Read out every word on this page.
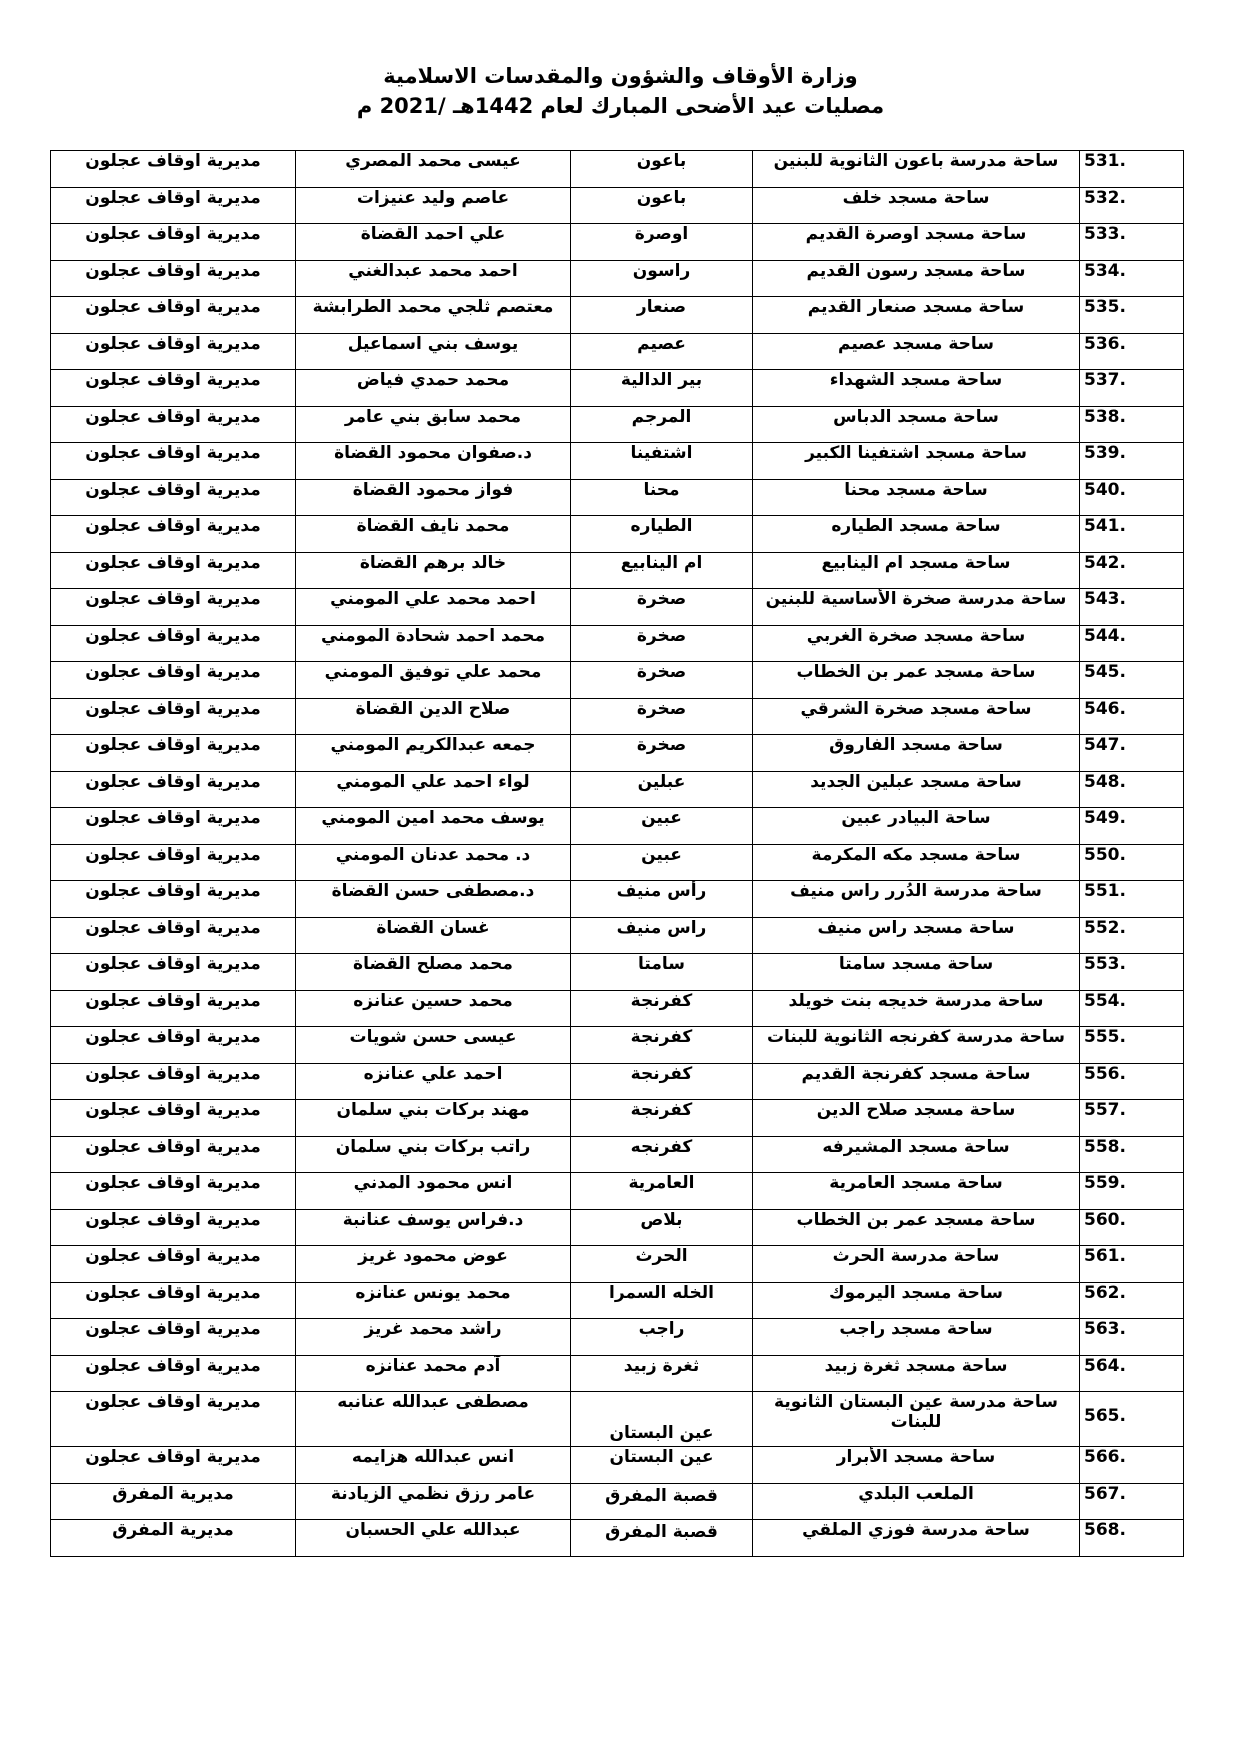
وزارة الأوقاف والشؤون والمقدسات الاسلامية
مصليات عيد الأضحى المبارك لعام 1442هـ /2021 م
531.	ساحة مدرسة باعون الثانوية للبنين	باعون	عيسى محمد المصري	مديرية اوقاف عجلون
532.	ساحة مسجد خلف	باعون	عاصم وليد عنيزات	مديرية اوقاف عجلون
533.	ساحة مسجد اوصرة القديم	اوصرة	علي احمد القضاة	مديرية اوقاف عجلون
534.	ساحة مسجد رسون القديم	راسون	احمد محمد عبدالغني	مديرية اوقاف عجلون
535.	ساحة مسجد صنعار القديم	صنعار	معتصم ثلجي محمد الطرابشة	مديرية اوقاف عجلون
536.	ساحة مسجد عصيم	عصيم	يوسف بني اسماعيل	مديرية اوقاف عجلون
537.	ساحة مسجد الشهداء	بير الدالية	محمد حمدي فياض	مديرية اوقاف عجلون
538.	ساحة مسجد الدباس	المرجم	محمد سابق بني عامر	مديرية اوقاف عجلون
539.	ساحة مسجد اشتفينا الكبير	اشتفينا	د.صفوان محمود القضاة	مديرية اوقاف عجلون
540.	ساحة مسجد محنا	محنا	فواز محمود القضاة	مديرية اوقاف عجلون
541.	ساحة مسجد الطياره	الطياره	محمد نايف القضاة	مديرية اوقاف عجلون
542.	ساحة مسجد ام الينابيع	ام الينابيع	خالد برهم القضاة	مديرية اوقاف عجلون
543.	ساحة مدرسة صخرة الأساسية للبنين	صخرة	احمد محمد علي المومني	مديرية اوقاف عجلون
544.	ساحة مسجد صخرة الغربي	صخرة	محمد احمد شحادة المومني	مديرية اوقاف عجلون
545.	ساحة مسجد عمر بن الخطاب	صخرة	محمد علي توفيق المومني	مديرية اوقاف عجلون
546.	ساحة مسجد صخرة الشرقي	صخرة	صلاح الدين القضاة	مديرية اوقاف عجلون
547.	ساحة مسجد الفاروق	صخرة	جمعه عبدالكريم المومني	مديرية اوقاف عجلون
548.	ساحة مسجد عبلين الجديد	عبلين	لواء احمد علي المومني	مديرية اوقاف عجلون
549.	ساحة البيادر عبين	عبين	يوسف محمد امين المومني	مديرية اوقاف عجلون
550.	ساحة مسجد مكه المكرمة	عبين	د. محمد عدنان المومني	مديرية اوقاف عجلون
551.	ساحة مدرسة الدُرر راس منيف	رأس منيف	د.مصطفى حسن القضاة	مديرية اوقاف عجلون
552.	ساحة مسجد راس منيف	راس منيف	غسان القضاة	مديرية اوقاف عجلون
553.	ساحة مسجد سامتا	سامتا	محمد مصلح القضاة	مديرية اوقاف عجلون
554.	ساحة مدرسة خديجه بنت خويلد	كفرنجة	محمد حسين عنانزه	مديرية اوقاف عجلون
555.	ساحة مدرسة كفرنجه الثانوية للبنات	كفرنجة	عيسى حسن شويات	مديرية اوقاف عجلون
556.	ساحة مسجد كفرنجة القديم	كفرنجة	احمد علي عنانزه	مديرية اوقاف عجلون
557.	ساحة مسجد صلاح الدين	كفرنجة	مهند بركات بني سلمان	مديرية اوقاف عجلون
558.	ساحة مسجد المشيرفه	كفرنجه	راتب بركات بني سلمان	مديرية اوقاف عجلون
559.	ساحة مسجد العامرية	العامرية	انس محمود المدني	مديرية اوقاف عجلون
560.	ساحة مسجد عمر بن الخطاب	بلاص	د.فراس يوسف عنانبة	مديرية اوقاف عجلون
561.	ساحة مدرسة الحرث	الحرث	عوض محمود غريز	مديرية اوقاف عجلون
562.	ساحة مسجد اليرموك	الخله السمرا	محمد يونس عنانزه	مديرية اوقاف عجلون
563.	ساحة مسجد راجب	راجب	راشد محمد غريز	مديرية اوقاف عجلون
564.	ساحة مسجد ثغرة زبيد	ثغرة زبيد	آدم محمد عنانزه	مديرية اوقاف عجلون
565.	ساحة مدرسة عين البستان الثانوية للبنات	عين البستان	مصطفى عبدالله عنانبه	مديرية اوقاف عجلون
566.	ساحة مسجد الأبرار	عين البستان	انس عبدالله هزايمه	مديرية اوقاف عجلون
567.	الملعب البلدي	قصبة المفرق	عامر رزق نظمي الزيادنة	مديرية المفرق
568.	ساحة مدرسة فوزي الملقي	قصبة المفرق	عبدالله علي الحسبان	مديرية المفرق
